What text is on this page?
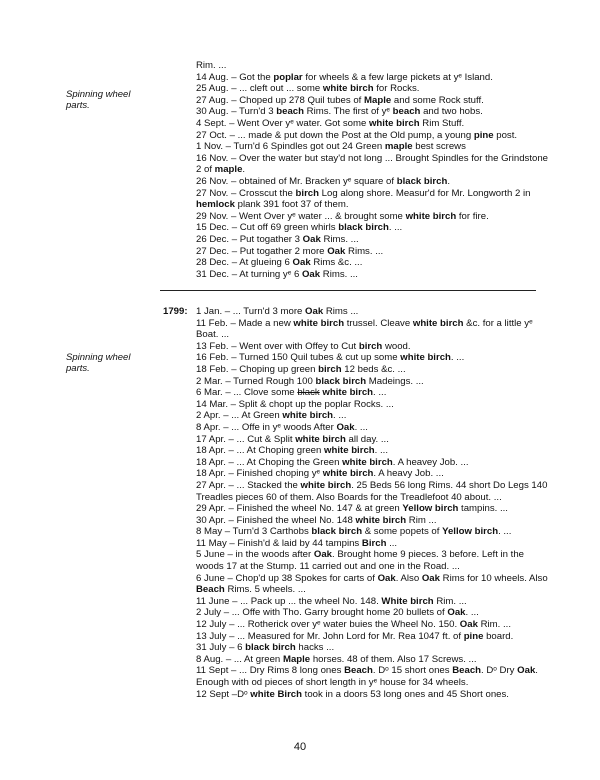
Spinning wheel parts.
Spinning wheel parts.
Rim. ...
14 Aug. – Got the poplar for wheels & a few large pickets at yᵉ Island.
25 Aug. – ... cleft out ... some white birch for Rocks.
27 Aug. – Choped up 278 Quil tubes of Maple and some Rock stuff.
30 Aug. – Turn'd 3 beach Rims. The first of yᵉ beach and two hobs.
4 Sept. – Went Over yᵉ water. Got some white birch Rim Stuff.
27 Oct. – ... made & put down the Post at the Old pump, a young pine post.
1 Nov. – Turn'd 6 Spindles got out 24 Green maple best screws
16 Nov. – Over the water but stay'd not long ... Brought Spindles for the Grindstone 2 of maple.
26 Nov. – obtained of Mr. Bracken yᵉ square of black birch.
27 Nov. – Crosscut the birch Log along shore. Measur'd for Mr. Longworth 2 in hemlock plank 391 foot 37 of them.
29 Nov. – Went Over yᵉ water ... & brought some white birch for fire.
15 Dec. – Cut off 69 green whirls black birch. ...
26 Dec. – Put togather 3 Oak Rims. ...
27 Dec. – Put togather 2 more Oak Rims. ...
28 Dec. – At glueing 6 Oak Rims &c. ...
31 Dec. – At turning yᵉ 6 Oak Rims. ...
1799: 1 Jan. – ... Turn'd 3 more Oak Rims ...
11 Feb. – Made a new white birch trussel. Cleave white birch &c. for a little yᵉ Boat. ...
13 Feb. – Went over with Offey to Cut birch wood.
16 Feb. – Turned 150 Quil tubes & cut up some white birch. ...
18 Feb. – Choping up green birch 12 beds &c. ...
2 Mar. – Turned Rough 100 black birch Madeings. ...
6 Mar. – ... Clove some black white birch. ...
14 Mar. – Split & chopt up the poplar Rocks. ...
2 Apr. – ... At Green white birch. ...
8 Apr. – ... Offe in yᵉ woods After Oak. ...
17 Apr. – ... Cut & Split white birch all day. ...
18 Apr. – ... At Choping green white birch. ...
18 Apr. – ... At Choping the Green white birch. A heavey Job. ...
18 Apr. – Finished choping yᵉ white birch. A heavy Job. ...
27 Apr. – ... Stacked the white birch. 25 Beds 56 long Rims. 44 short Do Legs 140 Treadles pieces 60 of them. Also Boards for the Treadlefoot 40 about. ...
29 Apr. – Finished the wheel No. 147 & at green Yellow birch tampins. ...
30 Apr. – Finished the wheel No. 148 white birch Rim ...
8 May – Turn'd 3 Carthobs black birch & some popets of Yellow birch. ...
11 May – Finish'd & laid by 44 tampins Birch ...
5 June – in the woods after Oak. Brought home 9 pieces. 3 before. Left in the woods 17 at the Stump. 11 carried out and one in the Road. ...
6 June – Chop'd up 38 Spokes for carts of Oak. Also Oak Rims for 10 wheels. Also Beach Rims. 5 wheels. ...
11 June – ... Pack up ... the wheel No. 148. White birch Rim. ...
2 July – ... Offe with Tho. Garry brought home 20 bullets of Oak. ...
12 July – ... Rotherick over yᵉ water buies the Wheel No. 150. Oak Rim. ...
13 July – ... Measured for Mr. John Lord for Mr. Rea 1047 ft. of pine board.
31 July – 6 black birch hacks ...
8 Aug. – ... At green Maple horses. 48 of them. Also 17 Screws. ...
11 Sept – ... Dry Rims 8 long ones Beach. Dᵒ 15 short ones Beach. Dᵒ Dry Oak. Enough with od pieces of short length in yᵉ house for 34 wheels.
12 Sept –Dᵒ white Birch took in a doors 53 long ones and 45 Short ones.
40
